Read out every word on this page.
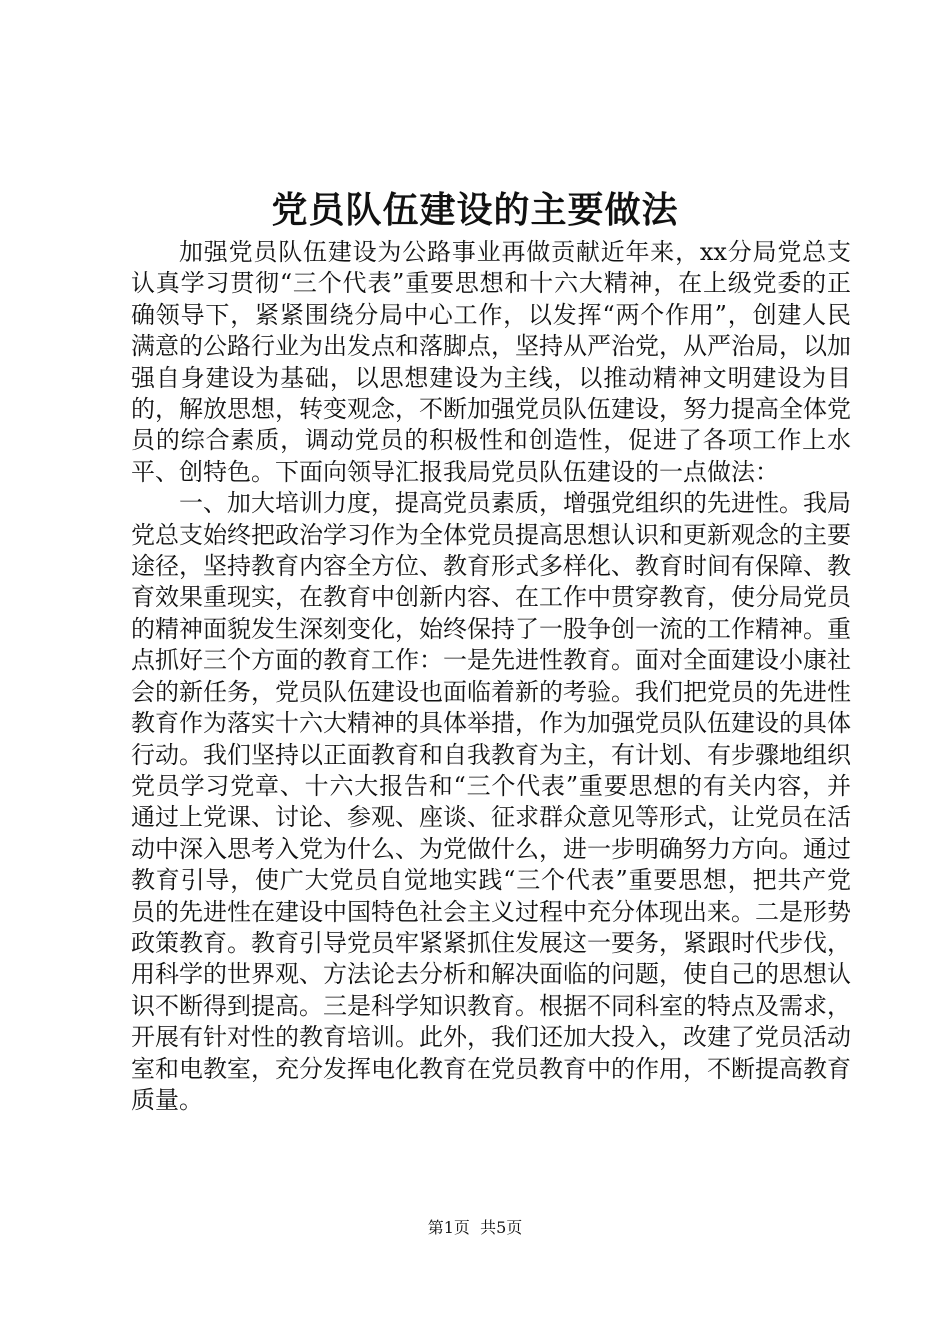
党员队伍建设的主要做法

加强党员队伍建设为公路事业再做贡献近年来，xx分局党总支认真学习贯彻“三个代表”重要思想和十六大精神，在上级党委的正确领导下，紧紧围绕分局中心工作，以发挥“两个作用”，创建人民满意的公路行业为出发点和落脚点，坚持从严治党，从严治局，以加强自身建设为基础，以思想建设为主线，以推动精神文明建设为目的，解放思想，转变观念，不断加强党员队伍建设，努力提高全体党员的综合素质，调动党员的积极性和创造性，促进了各项工作上水平、创特色。下面向领导汇报我局党员队伍建设的一点做法：

一、加大培训力度，提高党员素质，增强党组织的先进性。我局党总支始终把政治学习作为全体党员提高思想认识和更新观念的主要途径，坚持教育内容全方位、教育形式多样化、教育时间有保障、教育效果重现实，在教育中创新内容、在工作中贯穿教育，使分局党员的精神面貌发生深刻变化，始终保持了一股争创一流的工作精神。重点抓好三个方面的教育工作：一是先进性教育。面对全面建设小康社会的新任务，党员队伍建设也面临着新的考验。我们把党员的先进性教育作为落实十六大精神的具体举措，作为加强党员队伍建设的具体行动。我们坚持以正面教育和自我教育为主，有计划、有步骤地组织党员学习党章、十六大报告和“三个代表”重要思想的有关内容，并通过上党课、讨论、参观、座谈、征求群众意见等形式，让党员在活动中深入思考入党为什么、为党做什么，进一步明确努力方向。通过教育引导，使广大党员自觉地实践“三个代表”重要思想，把共产党员的先进性在建设中国特色社会主义过程中充分体现出来。二是形势政策教育。教育引导党员牢紧紧抓住发展这一要务，紧跟时代步伐，用科学的世界观、方法论去分析和解决面临的问题，使自己的思想认识不断得到提高。三是科学知识教育。根据不同科室的特点及需求，开展有针对性的教育培训。此外，我们还加大投入，改建了党员活动室和电教室，充分发挥电化教育在党员教育中的作用，不断提高教育质量。

第1页 共5页
